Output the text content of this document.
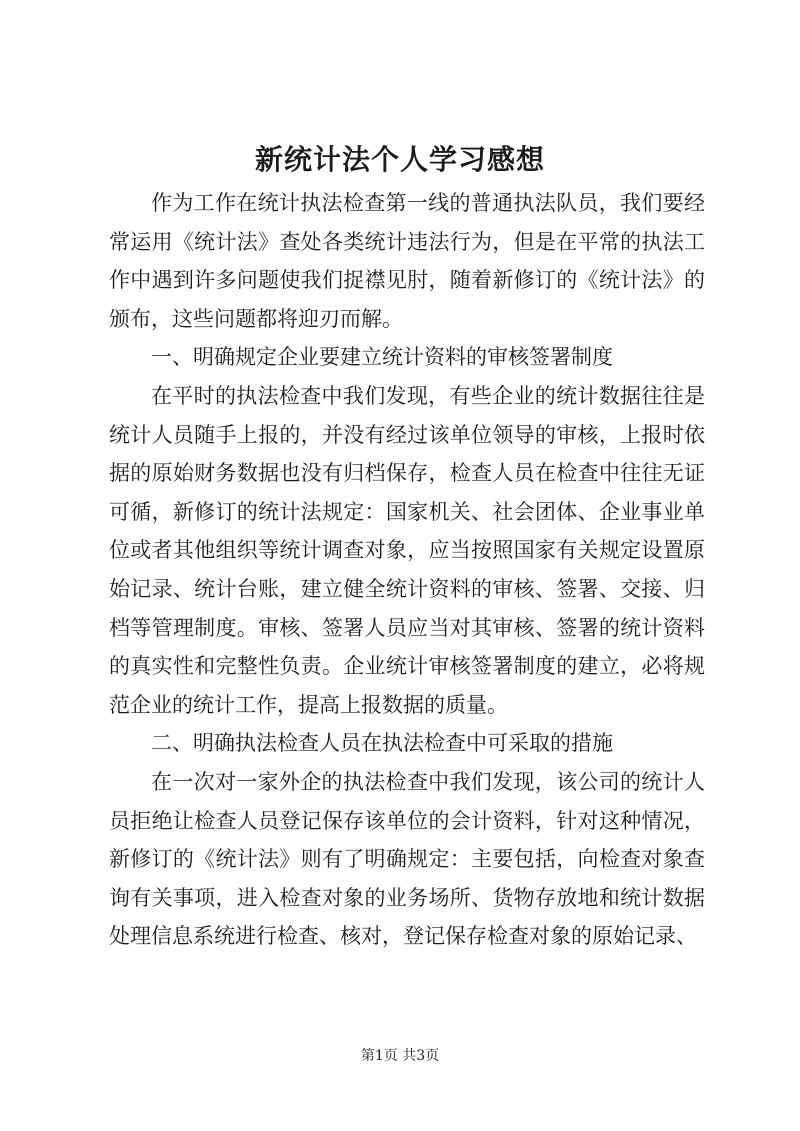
新统计法个人学习感想

作为工作在统计执法检查第一线的普通执法队员，我们要经常运用《统计法》查处各类统计违法行为，但是在平常的执法工作中遇到许多问题使我们捉襟见肘，随着新修订的《统计法》的颁布，这些问题都将迎刃而解。

一、明确规定企业要建立统计资料的审核签署制度

在平时的执法检查中我们发现，有些企业的统计数据往往是统计人员随手上报的，并没有经过该单位领导的审核，上报时依据的原始财务数据也没有归档保存，检查人员在检查中往往无证可循，新修订的统计法规定：国家机关、社会团体、企业事业单位或者其他组织等统计调查对象，应当按照国家有关规定设置原始记录、统计台账，建立健全统计资料的审核、签署、交接、归档等管理制度。审核、签署人员应当对其审核、签署的统计资料的真实性和完整性负责。企业统计审核签署制度的建立，必将规范企业的统计工作，提高上报数据的质量。

二、明确执法检查人员在执法检查中可采取的措施

在一次对一家外企的执法检查中我们发现，该公司的统计人员拒绝让检查人员登记保存该单位的会计资料，针对这种情况，新修订的《统计法》则有了明确规定：主要包括，向检查对象查询有关事项，进入检查对象的业务场所、货物存放地和统计数据处理信息系统进行检查、核对，登记保存检查对象的原始记录、

第1页 共3页
